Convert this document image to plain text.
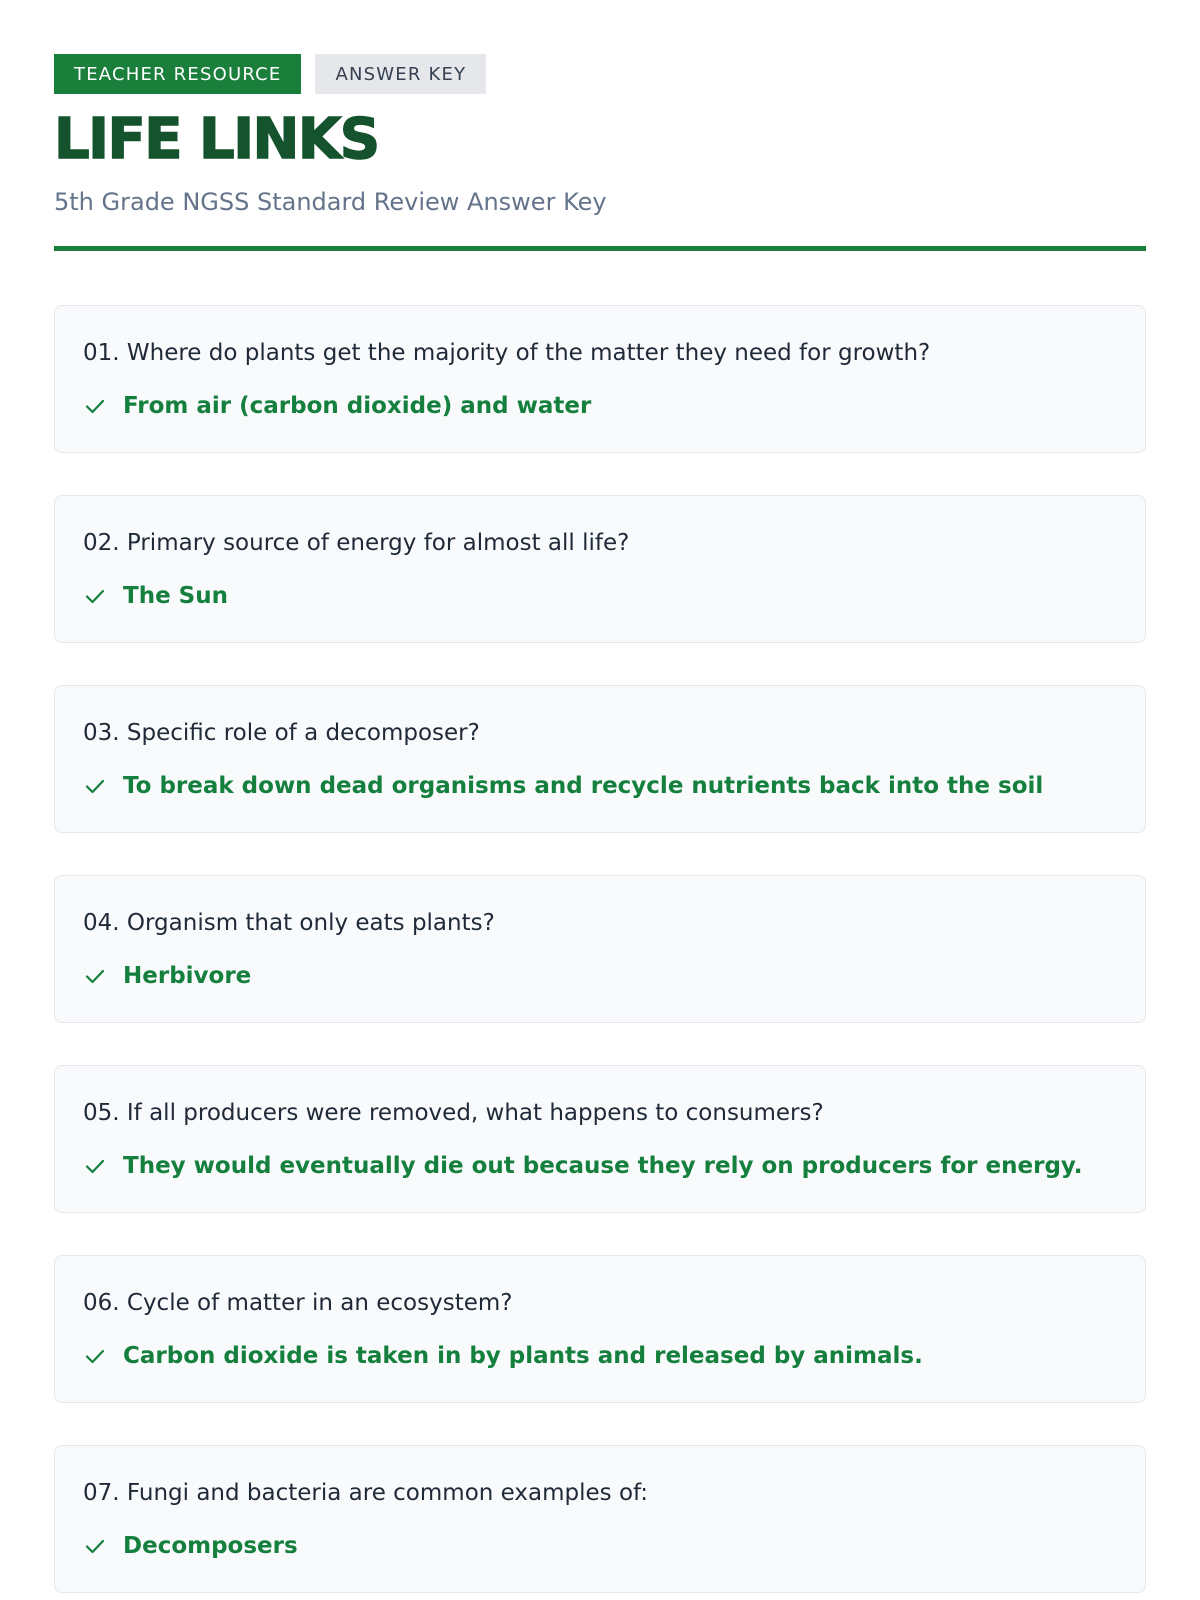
TEACHER RESOURCE	ANSWER KEY
LIFE LINKS
5th Grade NGSS Standard Review Answer Key
01. Where do plants get the majority of the matter they need for growth?
From air (carbon dioxide) and water
02. Primary source of energy for almost all life?
The Sun
03. Specific role of a decomposer?
To break down dead organisms and recycle nutrients back into the soil
04. Organism that only eats plants?
Herbivore
05. If all producers were removed, what happens to consumers?
They would eventually die out because they rely on producers for energy.
06. Cycle of matter in an ecosystem?
Carbon dioxide is taken in by plants and released by animals.
07. Fungi and bacteria are common examples of:
Decomposers
